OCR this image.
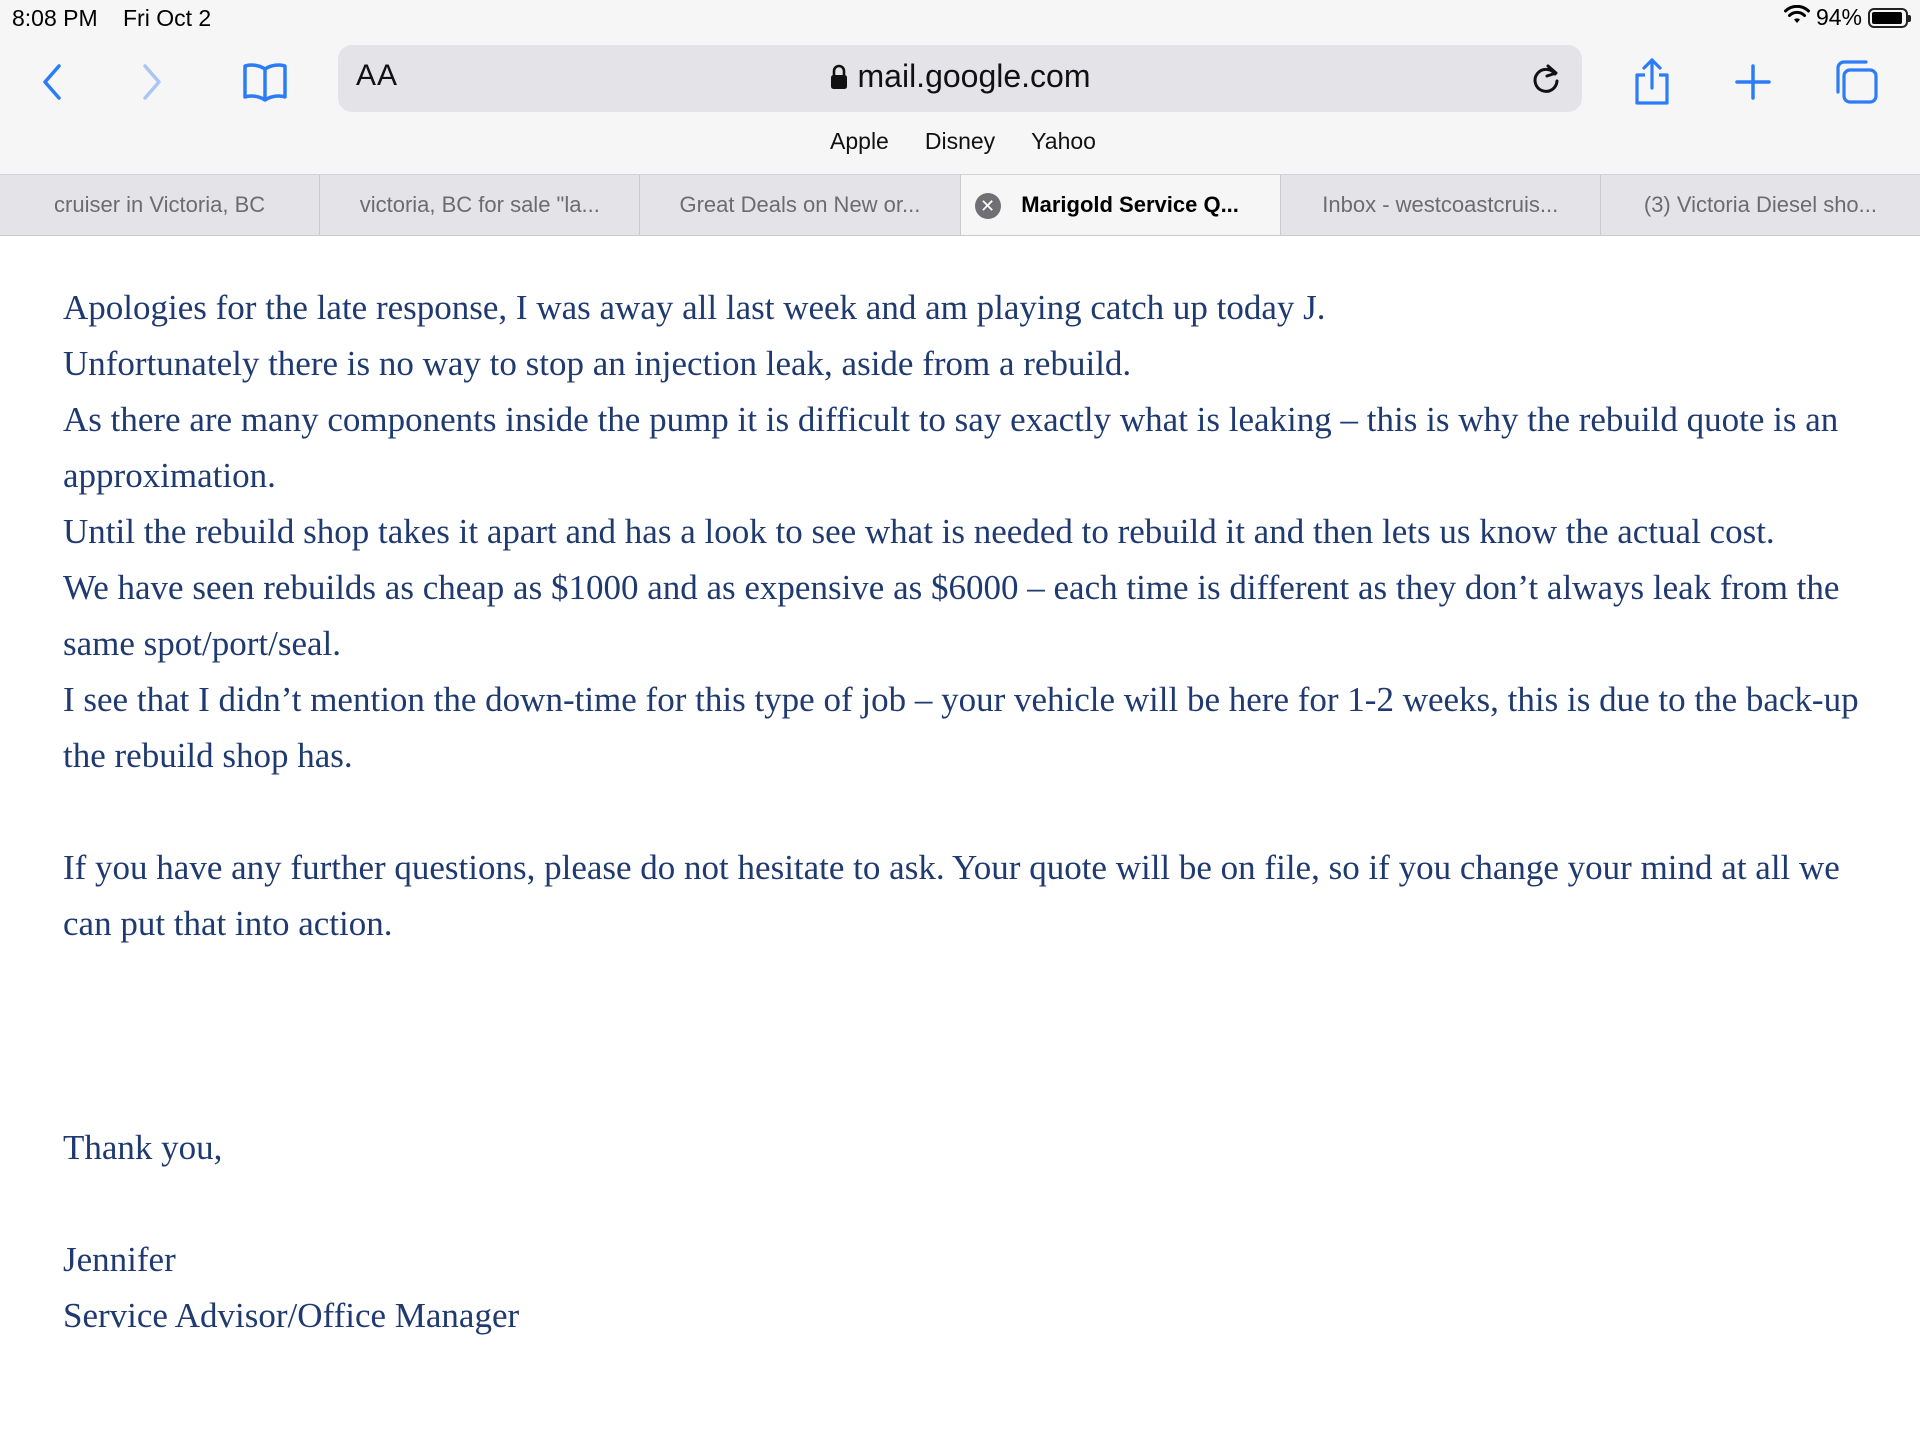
8:08 PM Fri Oct 2	94%
AA	mail.google.com
Apple Disney Yahoo
cruiser in Victoria, BC	victoria, BC for sale "la...	Great Deals on New or...	✕ Marigold Service Q...	Inbox - westcoastcruis...	(3) Victoria Diesel sho...

Apologies for the late response, I was away all last week and am playing catch up today J.

Unfortunately there is no way to stop an injection leak, aside from a rebuild.

As there are many components inside the pump it is difficult to say exactly what is leaking – this is why the rebuild quote is an approximation.

Until the rebuild shop takes it apart and has a look to see what is needed to rebuild it and then lets us know the actual cost.

We have seen rebuilds as cheap as $1000 and as expensive as $6000 – each time is different as they don’t always leak from the same spot/port/seal.

I see that I didn’t mention the down-time for this type of job – your vehicle will be here for 1-2 weeks, this is due to the back-up the rebuild shop has.

If you have any further questions, please do not hesitate to ask. Your quote will be on file, so if you change your mind at all we can put that into action.

Thank you,

Jennifer

Service Advisor/Office Manager
